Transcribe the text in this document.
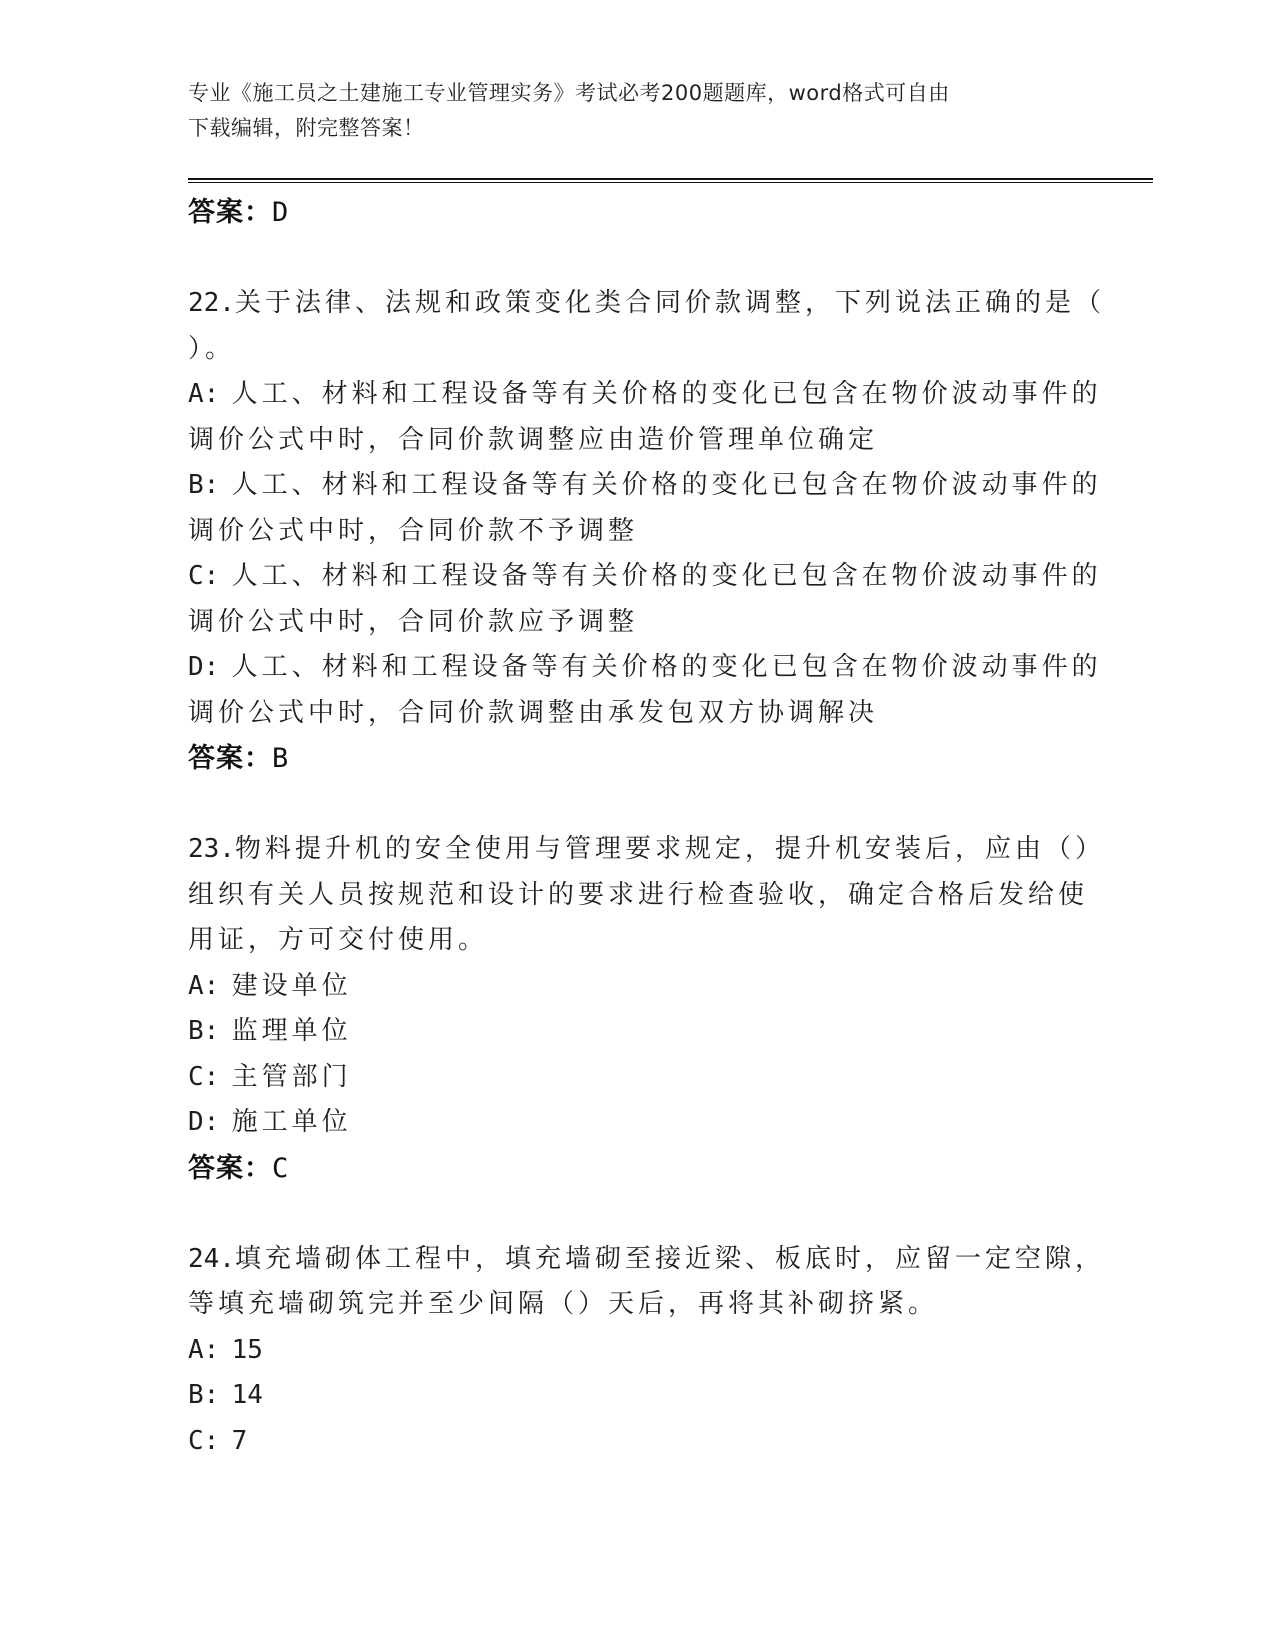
专业《施工员之土建施工专业管理实务》考试必考200题题库，word格式可自由
下载编辑，附完整答案！
答案：D
22.关于法律、法规和政策变化类合同价款调整，下列说法正确的是（
）。
A: 人工、材料和工程设备等有关价格的变化已包含在物价波动事件的
调价公式中时，合同价款调整应由造价管理单位确定
B: 人工、材料和工程设备等有关价格的变化已包含在物价波动事件的
调价公式中时，合同价款不予调整
C: 人工、材料和工程设备等有关价格的变化已包含在物价波动事件的
调价公式中时，合同价款应予调整
D: 人工、材料和工程设备等有关价格的变化已包含在物价波动事件的
调价公式中时，合同价款调整由承发包双方协调解决
答案：B
23.物料提升机的安全使用与管理要求规定，提升机安装后，应由（）
组织有关人员按规范和设计的要求进行检查验收，确定合格后发给使
用证，方可交付使用。
A: 建设单位
B: 监理单位
C: 主管部门
D: 施工单位
答案：C
24.填充墙砌体工程中，填充墙砌至接近梁、板底时，应留一定空隙，
等填充墙砌筑完并至少间隔（）天后，再将其补砌挤紧。
A: 15
B: 14
C: 7
